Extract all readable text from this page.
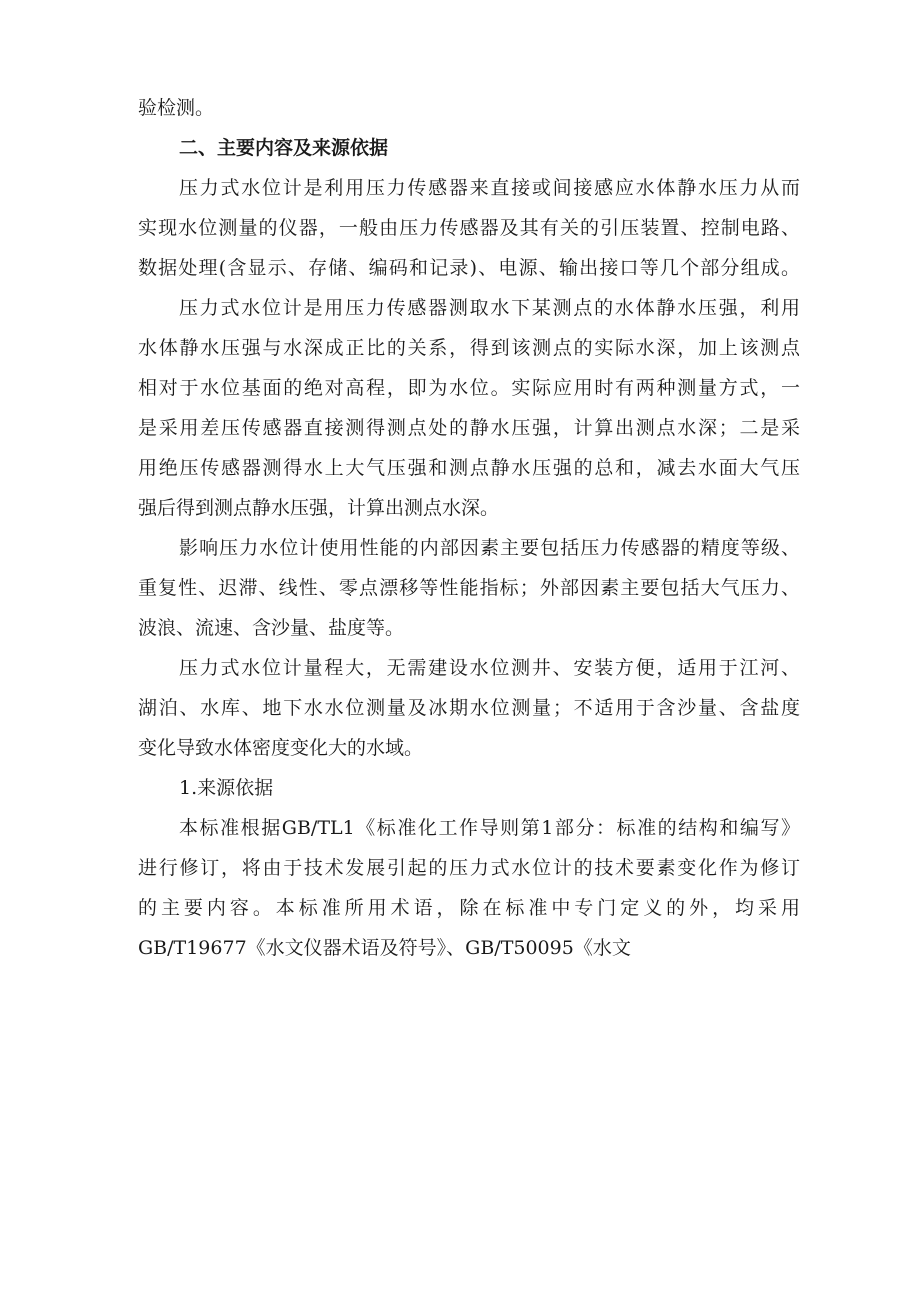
验检测。
二、主要内容及来源依据
压力式水位计是利用压力传感器来直接或间接感应水体静水压力从而
实现水位测量的仪器，一般由压力传感器及其有关的引压装置、控制电路、
数据处理(含显示、存储、编码和记录)、电源、输出接口等几个部分组成。
压力式水位计是用压力传感器测取水下某测点的水体静水压强，利用
水体静水压强与水深成正比的关系，得到该测点的实际水深，加上该测点
相对于水位基面的绝对高程，即为水位。实际应用时有两种测量方式，一
是采用差压传感器直接测得测点处的静水压强，计算出测点水深；二是采
用绝压传感器测得水上大气压强和测点静水压强的总和，减去水面大气压
强后得到测点静水压强，计算出测点水深。
影响压力水位计使用性能的内部因素主要包括压力传感器的精度等级、
重复性、迟滞、线性、零点漂移等性能指标；外部因素主要包括大气压力、
波浪、流速、含沙量、盐度等。
压力式水位计量程大，无需建设水位测井、安装方便，适用于江河、
湖泊、水库、地下水水位测量及冰期水位测量；不适用于含沙量、含盐度
变化导致水体密度变化大的水域。
1.来源依据
本标准根据GB/TL1《标准化工作导则第1部分：标准的结构和编写》
进行修订，将由于技术发展引起的压力式水位计的技术要素变化作为修订
的主要内容。本标准所用术语，除在标准中专门定义的外，均采用
GB/T19677《水文仪器术语及符号》、GB/T50095《水文
